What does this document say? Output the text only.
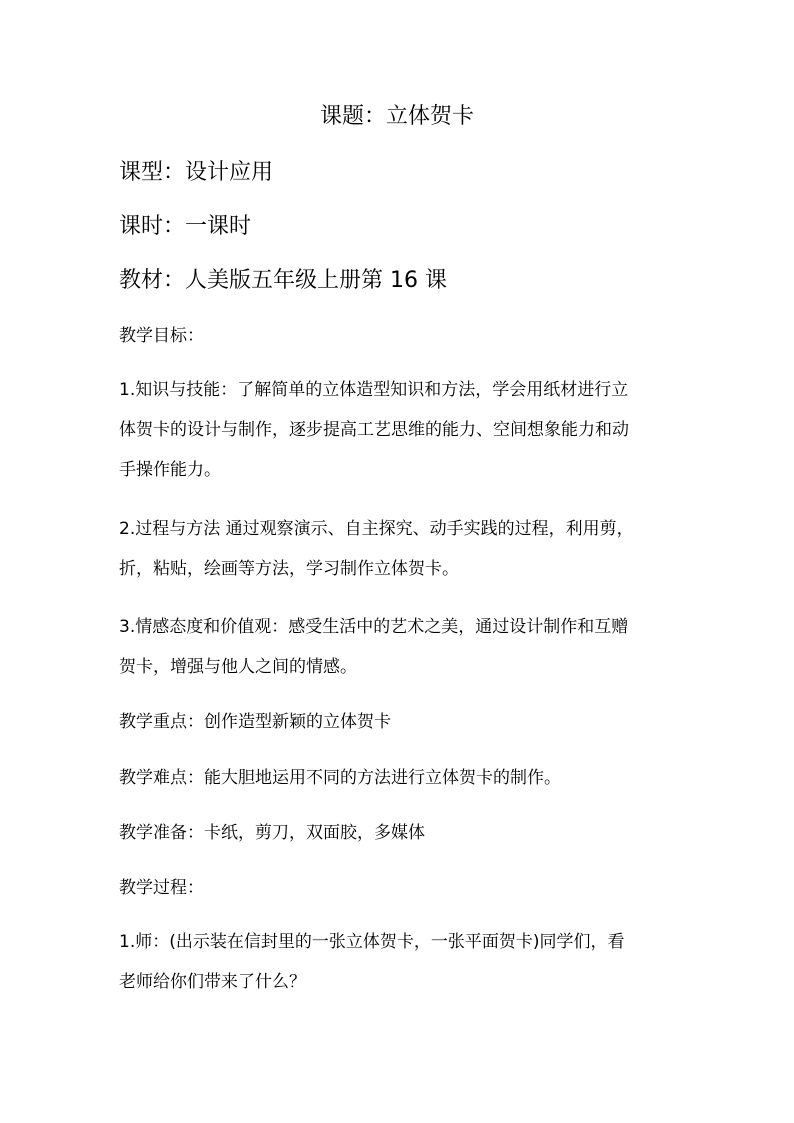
课题：立体贺卡
课型：设计应用
课时：一课时
教材：人美版五年级上册第 16 课
教学目标：
1.知识与技能：了解简单的立体造型知识和方法，学会用纸材进行立
体贺卡的设计与制作，逐步提高工艺思维的能力、空间想象能力和动
手操作能力。
2.过程与方法 通过观察演示、自主探究、动手实践的过程，利用剪，
折，粘贴，绘画等方法，学习制作立体贺卡。
3.情感态度和价值观：感受生活中的艺术之美，通过设计制作和互赠
贺卡，增强与他人之间的情感。
教学重点：创作造型新颖的立体贺卡
教学难点：能大胆地运用不同的方法进行立体贺卡的制作。
教学准备：卡纸，剪刀，双面胶，多媒体
教学过程：
1.师：(出示装在信封里的一张立体贺卡，一张平面贺卡)同学们，看
老师给你们带来了什么？
